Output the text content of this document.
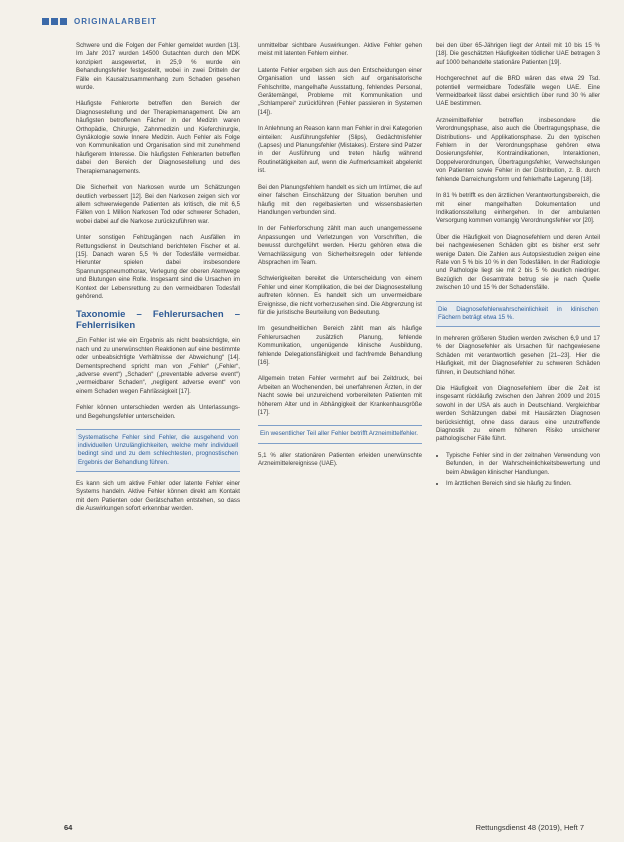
ORIGINALARBEIT

Schwere und die Folgen der Fehler gemeldet wurden [13]. Im Jahr 2017 wurden 14500 Gutachten durch den MDK konzipiert ausgewertet, in 25,9 % wurde ein Behandlungsfehler festgestellt, wobei in zwei Dritteln der Fälle ein Kausalzusammenhang zum Schaden gesehen wurde.

Häufigste Fehlerorte betreffen den Bereich der Diagnosestellung und der Therapiemanagement. Die am häufigsten betroffenen Fächer in der Medizin waren Orthopädie, Chirurgie, Zahnmedizin und Kieferchirurgie, Gynäkologie sowie Innere Medizin. Auch Fehler als Folge von Kommunikation und Organisation sind mit zunehmend häufigerem Interesse. Die häufigsten Fehlerarten betreffen dabei den Bereich der Diagnosestellung und des Therapiemanagements.

Die Sicherheit von Narkosen wurde um Schätzungen deutlich verbessert [12]. Bei den Narkosen zeigen sich vor allem schwerwiegende Patienten als kritisch, die mit 6,5 Fällen von 1 Million Narkosen Tod oder schwerer Schaden, wobei dabei auf die Narkose zurückzuführen war.

Unter sonstigen Fehlzugängen nach Ausfällen im Rettungsdienst in Deutschland berichteten Fischer et al. [15]. Danach waren 5,5 % der Todesfälle vermeidbar. Hierunter spielen dabei insbesondere Spannungspneumothorax, Verlegung der oberen Atemwege und Blutungen eine Rolle. Insgesamt sind die Ursachen im Kontext der Lebensrettung zu den vermeidbaren Todesfall gehörend.

Taxonomie – Fehlerursachen – Fehlerrisiken

„Ein Fehler ist wie ein Ergebnis als nicht beabsichtigte, ein nach und zu unerwünschten Reaktionen auf eine bestimmte oder unbeabsichtigte Verhältnisse der Abweichung“ [14]. Dementsprechend spricht man von „Fehler“ („Fehler“, „adverse event“) „Schaden“ („preventable adverse event“) „vermeidbarer Schaden“, „negligent adverse event“ von einem Schaden wegen Fahrlässigkeit [17].

Fehler können unterschieden werden als Unterlassungs- und Begehungsfehler unterscheiden.

Systematische Fehler sind Fehler, die ausgehend von individuellen Unzulänglichkeiten, welche mehr individuell bedingt sind und zu dem schlechtesten, prognostischen Ergebnis der Behandlung führen.

Es kann sich um aktive Fehler oder latente Fehler einer Systems handeln. Aktive Fehler können direkt am Kontakt mit dem Patienten oder Gerätschaften entstehen, so dass die Auswirkungen sofort erkennbar werden.

unmittelbar sichtbare Auswirkungen. Aktive Fehler gehen meist mit latenten Fehlern einher.

Latente Fehler ergeben sich aus den Entscheidungen einer Organisation und lassen sich auf organisatorische Fehlschritte, mangelhafte Ausstattung, fehlendes Personal, Gerätemängel, Probleme mit Kommunikation und „Schlamperei“ zurückführen (Fehler passieren in Systemen [14]).

In Anlehnung an Reason kann man Fehler in drei Kategorien einteilen: Ausführungsfehler (Slips), Gedächtnisfehler (Lapses) und Planungsfehler (Mistakes). Erstere sind Patzer in der Ausführung und treten häufig während Routinetätigkeiten auf, wenn die Aufmerksamkeit abgelenkt ist.

Bei den Planungsfehlern handelt es sich um Irrtümer, die auf einer falschen Einschätzung der Situation beruhen und häufig mit den regelbasierten und wissensbasierten Handlungen verbunden sind.

In der Fehlerforschung zählt man auch unangemessene Anpassungen und Verletzungen von Vorschriften, die bewusst durchgeführt werden. Hierzu gehören etwa die Vernachlässigung von Sicherheitsregeln oder fehlende Absprachen im Team.

Schwierigkeiten bereitet die Unterscheidung von einem Fehler und einer Komplikation, die bei der Diagnosestellung auftreten können. Es handelt sich um unvermeidbare Ereignisse, die nicht vorherzusehen sind. Die Abgrenzung ist für die juristische Beurteilung von Bedeutung.

Im gesundheitlichen Bereich zählt man als häufige Fehlerursachen zusätzlich Planung, fehlende Kommunikation, ungenügende klinische Ausbildung, fehlende Delegationsfähigkeit und fachfremde Behandlung [16].

Allgemein treten Fehler vermehrt auf bei Zeitdruck, bei Arbeiten an Wochenenden, bei unerfahrenen Ärzten, in der Nacht sowie bei unzureichend vorbereiteten Patienten mit höherem Alter und in Abhängigkeit der Krankenhausgröße [17].

Ein wesentlicher Teil aller Fehler betrifft Arzneimittelfehler.

5,1 % aller stationären Patienten erleiden unerwünschte Arzneimittelereignisse (UAE).

bei den über 65-Jährigen liegt der Anteil mit 10 bis 15 % [18]. Die geschätzten Häufigkeiten tödlicher UAE betragen 3 auf 1000 behandelte stationäre Patienten [19].

Hochgerechnet auf die BRD wären das etwa 29 Tsd. potentiell vermeidbare Todesfälle wegen UAE. Eine Vermeidbarkeit lässt dabei ersichtlich über rund 30 % aller UAE bestimmen.

Arzneimittelfehler betreffen insbesondere die Verordnungsphase, also auch die Übertragungsphase, die Distributions- und Applikationsphase. Zu den typischen Fehlern in der Verordnungsphase gehören etwa Dosierungsfehler, Kontraindikationen, Interaktionen, Doppelverordnungen, Übertragungsfehler, Verwechslungen von Patienten sowie Fehler in der Distribution, z. B. durch fehlende Darreichungsform und fehlerhafte Lagerung [18].

In 81 % betrifft es den ärztlichen Verantwortungsbereich, die mit einer mangelhaften Dokumentation und Indikationsstellung einhergehen. In der ambulanten Versorgung kommen vorrangig Verordnungsfehler vor [20].

Über die Häufigkeit von Diagnosefehlern und deren Anteil bei nachgewiesenen Schäden gibt es bisher erst sehr wenige Daten. Die Zahlen aus Autopsiestudien zeigen eine Rate von 5 % bis 10 % in den Todesfällen. In der Radiologie und Pathologie liegt sie mit 2 bis 5 % deutlich niedriger. Bezüglich der Gesamtrate betrug sie je nach Quelle zwischen 10 und 15 % der Schadensfälle.

Die Diagnosefehlerwahrscheinlichkeit in klinischen Fächern beträgt etwa 15 %.

In mehreren größeren Studien werden zwischen 6,9 und 17 % der Diagnosefehler als Ursachen für nachgewiesene Schäden mit verantwortlich gesehen [21–23]. Hier die Häufigkeit, mit der Diagnosefehler zu schweren Schäden führen, in Deutschland höher.

Die Häufigkeit von Diagnosefehlern über die Zeit ist insgesamt rückläufig zwischen den Jahren 2009 und 2015 sowohl in der USA als auch in Deutschland. Vergleichbar werden Schätzungen dabei mit Hausärzten Diagnosen berücksichtigt, ohne dass daraus eine unzutreffende Diagnostik zu einem höheren Risiko unsicherer pathologischer Fälle führt.

• Typische Fehler sind in der zeitnahen Verwendung von Befunden, in der Wahrscheinlichkeitsbewertung und beim Abwägen klinischer Handlungen.
• Im ärztlichen Bereich sind sie häufig zu finden.
64	Rettungsdienst 48 (2019), Heft 7
